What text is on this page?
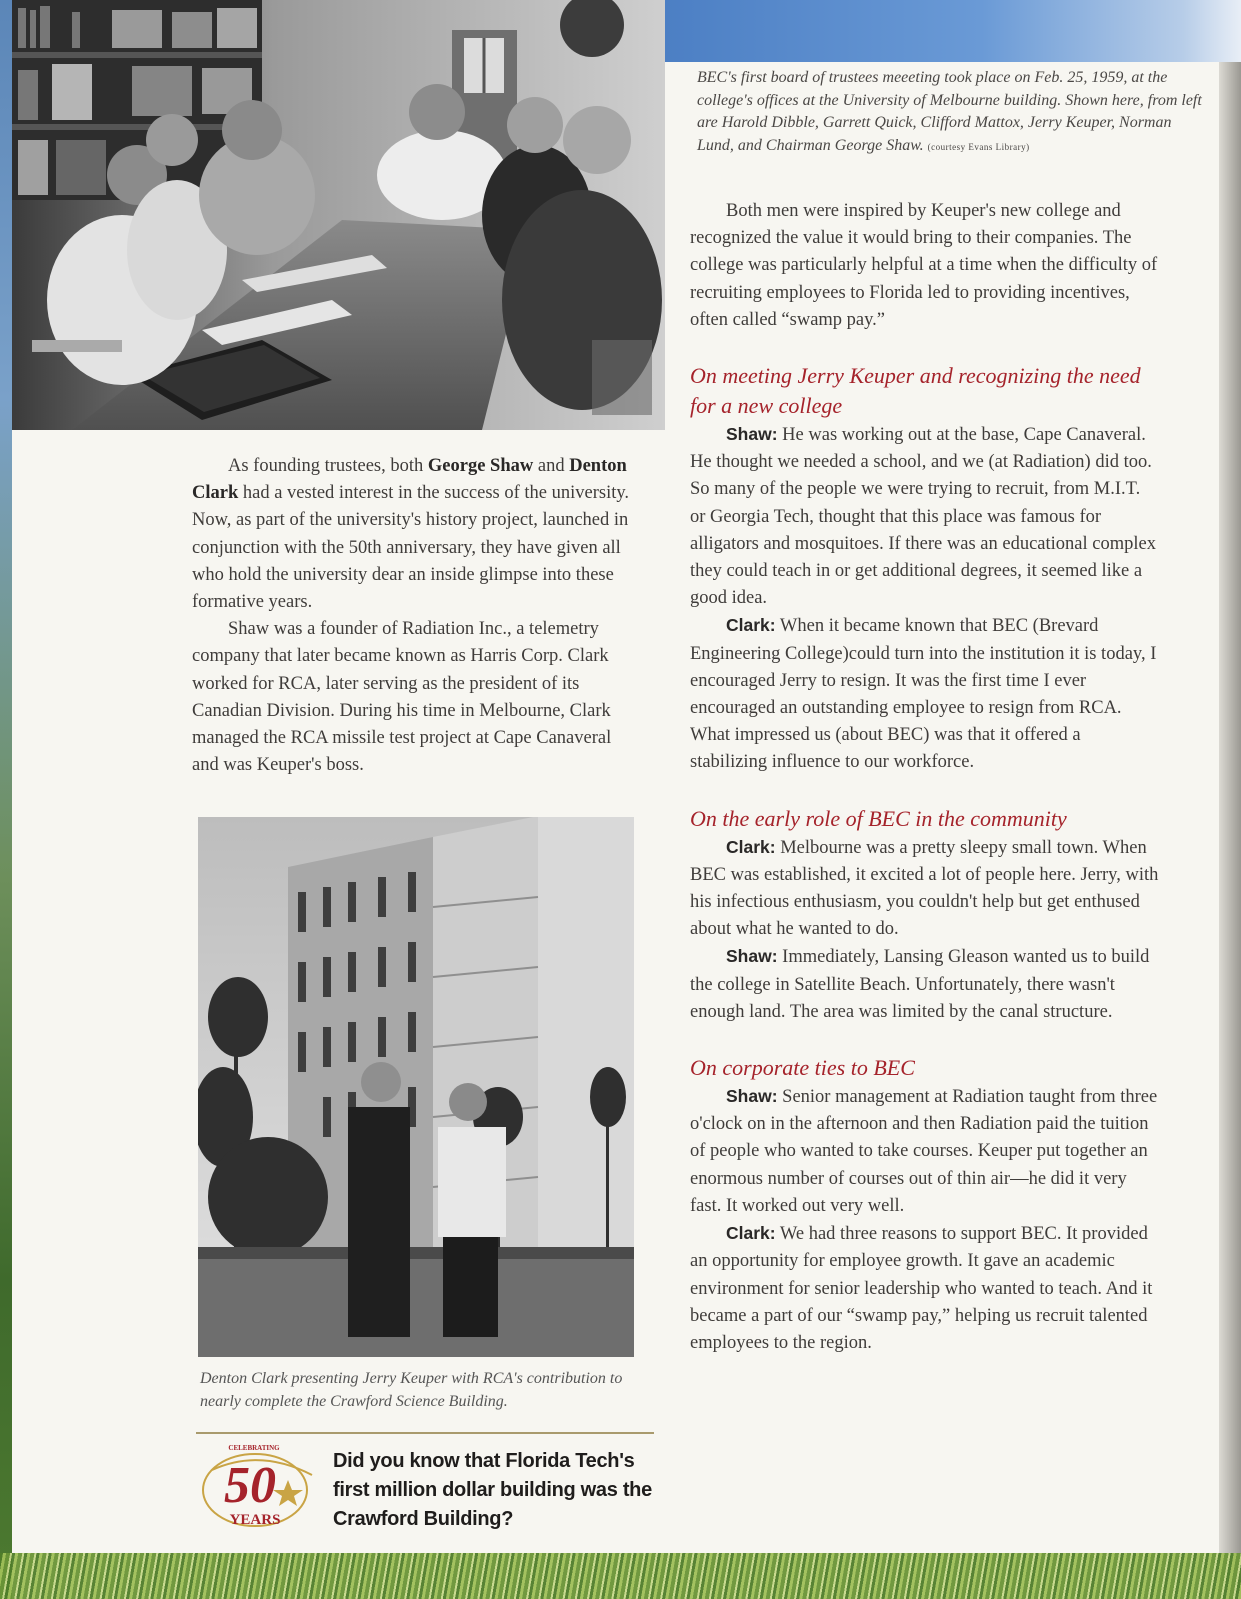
BEC's first board of trustees meeeting took place on Feb. 25, 1959, at the college's offices at the University of Melbourne building. Shown here, from left are Harold Dibble, Garrett Quick, Clifford Mattox, Jerry Keuper, Norman Lund, and Chairman George Shaw. (courtesy Evans Library)

As founding trustees, both George Shaw and Denton Clark had a vested interest in the success of the university. Now, as part of the university's history project, launched in conjunction with the 50th anniversary, they have given all who hold the university dear an inside glimpse into these formative years.

Shaw was a founder of Radiation Inc., a telemetry company that later became known as Harris Corp. Clark worked for RCA, later serving as the president of its Canadian Division. During his time in Melbourne, Clark managed the RCA missile test project at Cape Canaveral and was Keuper's boss.

Denton Clark presenting Jerry Keuper with RCA's contribution to nearly complete the Crawford Science Building.
CELEBRATING
50
YEARS
Did you know that Florida Tech's first million dollar building was the Crawford Building?

Both men were inspired by Keuper's new college and recognized the value it would bring to their companies. The college was particularly helpful at a time when the difficulty of recruiting employees to Florida led to providing incentives, often called “swamp pay.”

On meeting Jerry Keuper and recognizing the need for a new college

Shaw: He was working out at the base, Cape Canaveral. He thought we needed a school, and we (at Radiation) did too. So many of the people we were trying to recruit, from M.I.T. or Georgia Tech, thought that this place was famous for alligators and mosquitoes. If there was an educational complex they could teach in or get additional degrees, it seemed like a good idea.

Clark: When it became known that BEC (Brevard Engineering College)could turn into the institution it is today, I encouraged Jerry to resign. It was the first time I ever encouraged an outstanding employee to resign from RCA. What impressed us (about BEC) was that it offered a stabilizing influence to our workforce.

On the early role of BEC in the community

Clark: Melbourne was a pretty sleepy small town. When BEC was established, it excited a lot of people here. Jerry, with his infectious enthusiasm, you couldn't help but get enthused about what he wanted to do.

Shaw: Immediately, Lansing Gleason wanted us to build the college in Satellite Beach. Unfortunately, there wasn't enough land. The area was limited by the canal structure.

On corporate ties to BEC

Shaw: Senior management at Radiation taught from three o'clock on in the afternoon and then Radiation paid the tuition of people who wanted to take courses. Keuper put together an enormous number of courses out of thin air—he did it very fast. It worked out very well.

Clark: We had three reasons to support BEC. It provided an opportunity for employee growth. It gave an academic environment for senior leadership who wanted to teach. And it became a part of our “swamp pay,” helping us recruit talented employees to the region.
